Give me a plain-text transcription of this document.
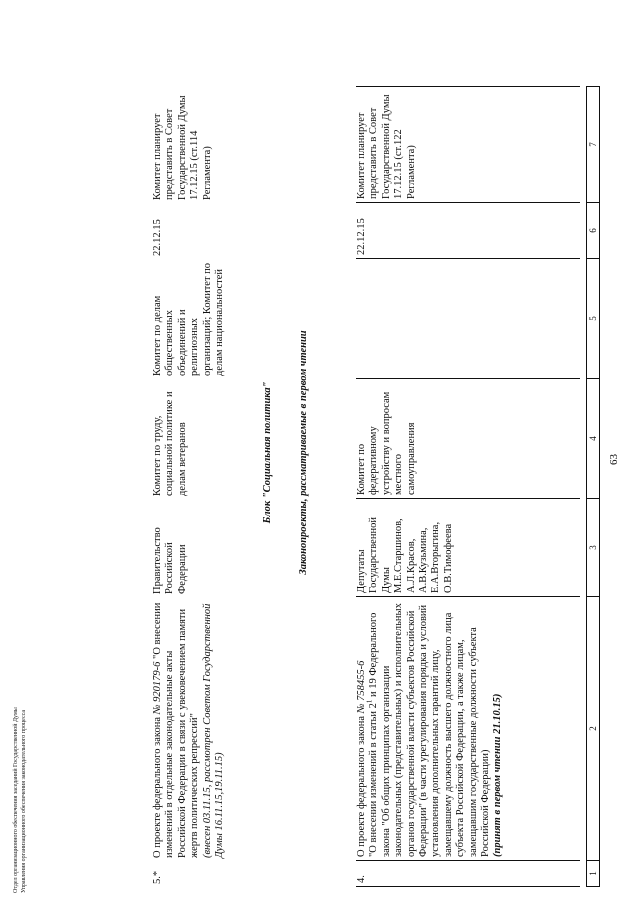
63
1	2	3	4	5	6	7
4.	О проекте федерального закона № 758455-6
"О внесении изменений в статьи $2^1$ и 19 Федерального закона "Об общих принципах организации законодательных (представительных) и исполнительных органов государственной власти субъектов Российской Федерации" (в части урегулирования порядка и условий установления дополнительных гарантий лицу, замещавшему должность высшего должностного лица субъекта Российской Федерации, а также лицам, замещавшим государственные должности субъекта Российской Федерации)
(принят в первом чтении 21.10.15)	Депутаты Государственной Думы М.Е.Старшинов, А.Л.Красов, А.В.Кузьмина, Е.А.Вторыгина, О.В.Тимофеева	Комитет по федеративному устройству и вопросам местного самоуправления		22.12.15	Комитет планирует представить в Совет Государственной Думы 17.12.15 (ст.122 Регламента)
Законопроекты, рассматриваемые в первом чтении
Блок "Социальная политика"
5.*	О проекте федерального закона № 920179-6 "О внесении изменений в отдельные законодательные акты Российской Федерации в связи с увековечением памяти жертв политических репрессий"
(внесен 03.11.15, рассмотрен Советом Государственной Думы 16.11.15,19.11.15)	Правительство Российской Федерации	Комитет по труду, социальной политике и делам ветеранов	Комитет по делам общественных объединений и религиозных организаций; Комитет по делам национальностей	22.12.15	Комитет планирует представить в Совет Государственной Думы 17.12.15 (ст.114 Регламента)
Отдел организационного обеспечения заседаний Государственной Думы Управления организационного обеспечения законодательного процесса
